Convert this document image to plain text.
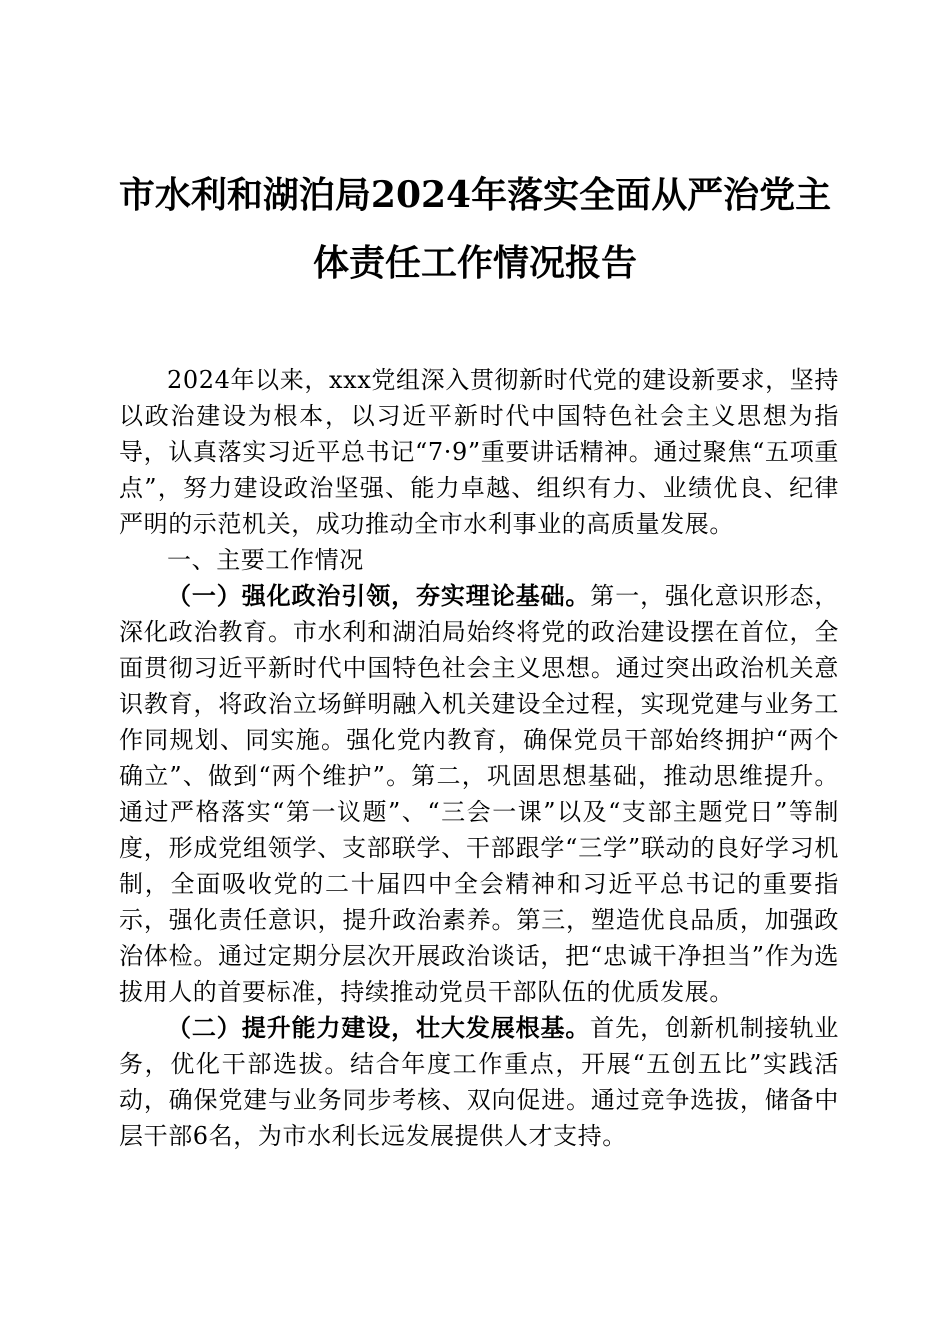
市水利和湖泊局2024年落实全面从严治党主
体责任工作情况报告

2024年以来，xxx党组深入贯彻新时代党的建设新要求，坚持以政治建设为根本，以习近平新时代中国特色社会主义思想为指导，认真落实习近平总书记“7·9”重要讲话精神。通过聚焦“五项重点”，努力建设政治坚强、能力卓越、组织有力、业绩优良、纪律严明的示范机关，成功推动全市水利事业的高质量发展。

一、主要工作情况

（一）强化政治引领，夯实理论基础。第一，强化意识形态，深化政治教育。市水利和湖泊局始终将党的政治建设摆在首位，全面贯彻习近平新时代中国特色社会主义思想。通过突出政治机关意识教育，将政治立场鲜明融入机关建设全过程，实现党建与业务工作同规划、同实施。强化党内教育，确保党员干部始终拥护“两个确立”、做到“两个维护”。第二，巩固思想基础，推动思维提升。通过严格落实“第一议题”、“三会一课”以及“支部主题党日”等制度，形成党组领学、支部联学、干部跟学“三学”联动的良好学习机制，全面吸收党的二十届四中全会精神和习近平总书记的重要指示，强化责任意识，提升政治素养。第三，塑造优良品质，加强政治体检。通过定期分层次开展政治谈话，把“忠诚干净担当”作为选拔用人的首要标准，持续推动党员干部队伍的优质发展。

（二）提升能力建设，壮大发展根基。首先，创新机制接轨业务，优化干部选拔。结合年度工作重点，开展“五创五比”实践活动，确保党建与业务同步考核、双向促进。通过竞争选拔，储备中层干部6名，为市水利长远发展提供人才支持。
